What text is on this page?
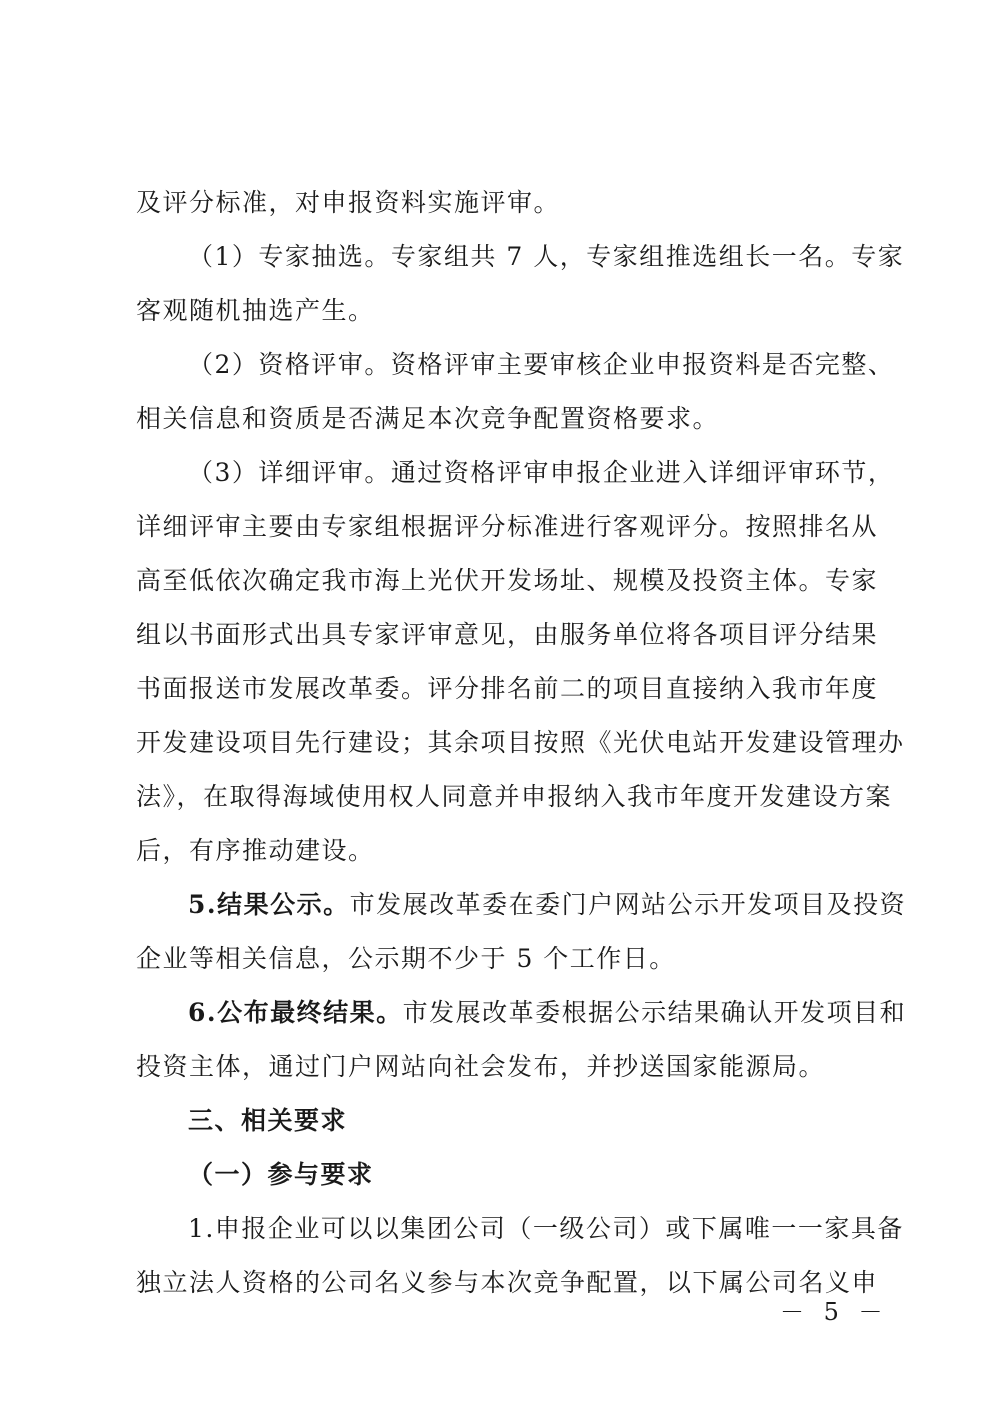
及评分标准，对申报资料实施评审。
（1）专家抽选。专家组共 7 人，专家组推选组长一名。专家
客观随机抽选产生。
（2）资格评审。资格评审主要审核企业申报资料是否完整、
相关信息和资质是否满足本次竞争配置资格要求。
（3）详细评审。通过资格评审申报企业进入详细评审环节，
详细评审主要由专家组根据评分标准进行客观评分。按照排名从
高至低依次确定我市海上光伏开发场址、规模及投资主体。专家
组以书面形式出具专家评审意见，由服务单位将各项目评分结果
书面报送市发展改革委。评分排名前二的项目直接纳入我市年度
开发建设项目先行建设；其余项目按照《光伏电站开发建设管理办
法》，在取得海域使用权人同意并申报纳入我市年度开发建设方案
后，有序推动建设。
5.结果公示。市发展改革委在委门户网站公示开发项目及投资
企业等相关信息，公示期不少于 5 个工作日。
6.公布最终结果。市发展改革委根据公示结果确认开发项目和
投资主体，通过门户网站向社会发布，并抄送国家能源局。
三、相关要求
（一）参与要求
1.申报企业可以以集团公司（一级公司）或下属唯一一家具备
独立法人资格的公司名义参与本次竞争配置，以下属公司名义申
－ 5 －
